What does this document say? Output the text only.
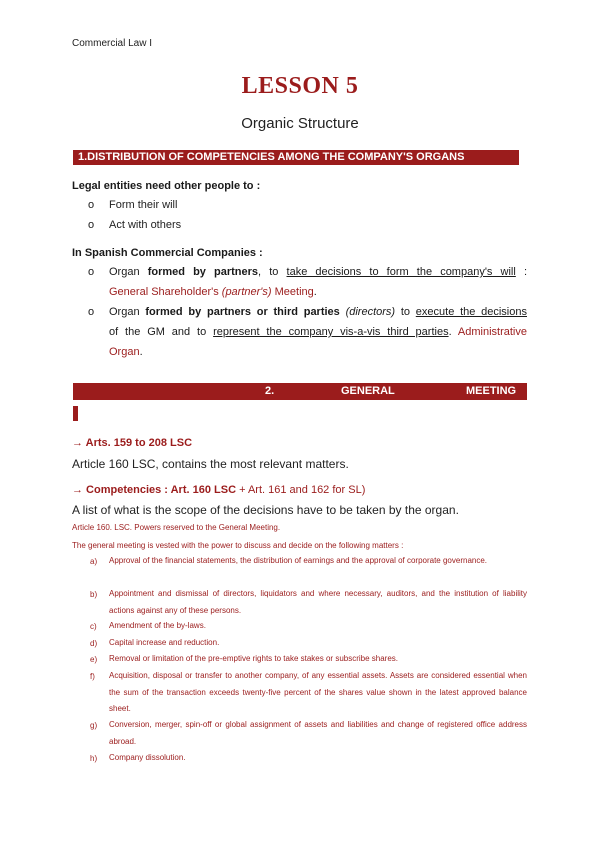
Commercial Law I
LESSON 5
Organic Structure
1.DISTRIBUTION OF COMPETENCIES AMONG THE COMPANY'S ORGANS
Legal entities need other people to :
o Form their will
o Act with others
In Spanish Commercial Companies :
o Organ formed by partners, to take decisions to form the company's will :
General Shareholder's (partner's) Meeting.
o Organ formed by partners or third parties (directors) to execute the decisions
of the GM and to represent the company vis-a-vis third parties. Administrative
Organ.
2.	GENERAL	MEETING
→ Arts. 159 to 208 LSC
Article 160 LSC, contains the most relevant matters.
→ Competencies : Art. 160 LSC + Art. 161 and 162 for SL)
A list of what is the scope of the decisions have to be taken by the organ.
Article 160. LSC. Powers reserved to the General Meeting.
The general meeting is vested with the power to discuss and decide on the following matters :
a) Approval of the financial statements, the distribution of earnings and the approval of corporate governance.
b) Appointment and dismissal of directors, liquidators and where necessary, auditors, and the institution of liability actions against any of these persons.
c) Amendment of the by-laws.
d) Capital increase and reduction.
e) Removal or limitation of the pre-emptive rights to take stakes or subscribe shares.
f) Acquisition, disposal or transfer to another company, of any essential assets. Assets are considered essential when the sum of the transaction exceeds twenty-five percent of the shares value shown in the latest approved balance sheet.
g) Conversion, merger, spin-off or global assignment of assets and liabilities and change of registered office address abroad.
h) Company dissolution.
